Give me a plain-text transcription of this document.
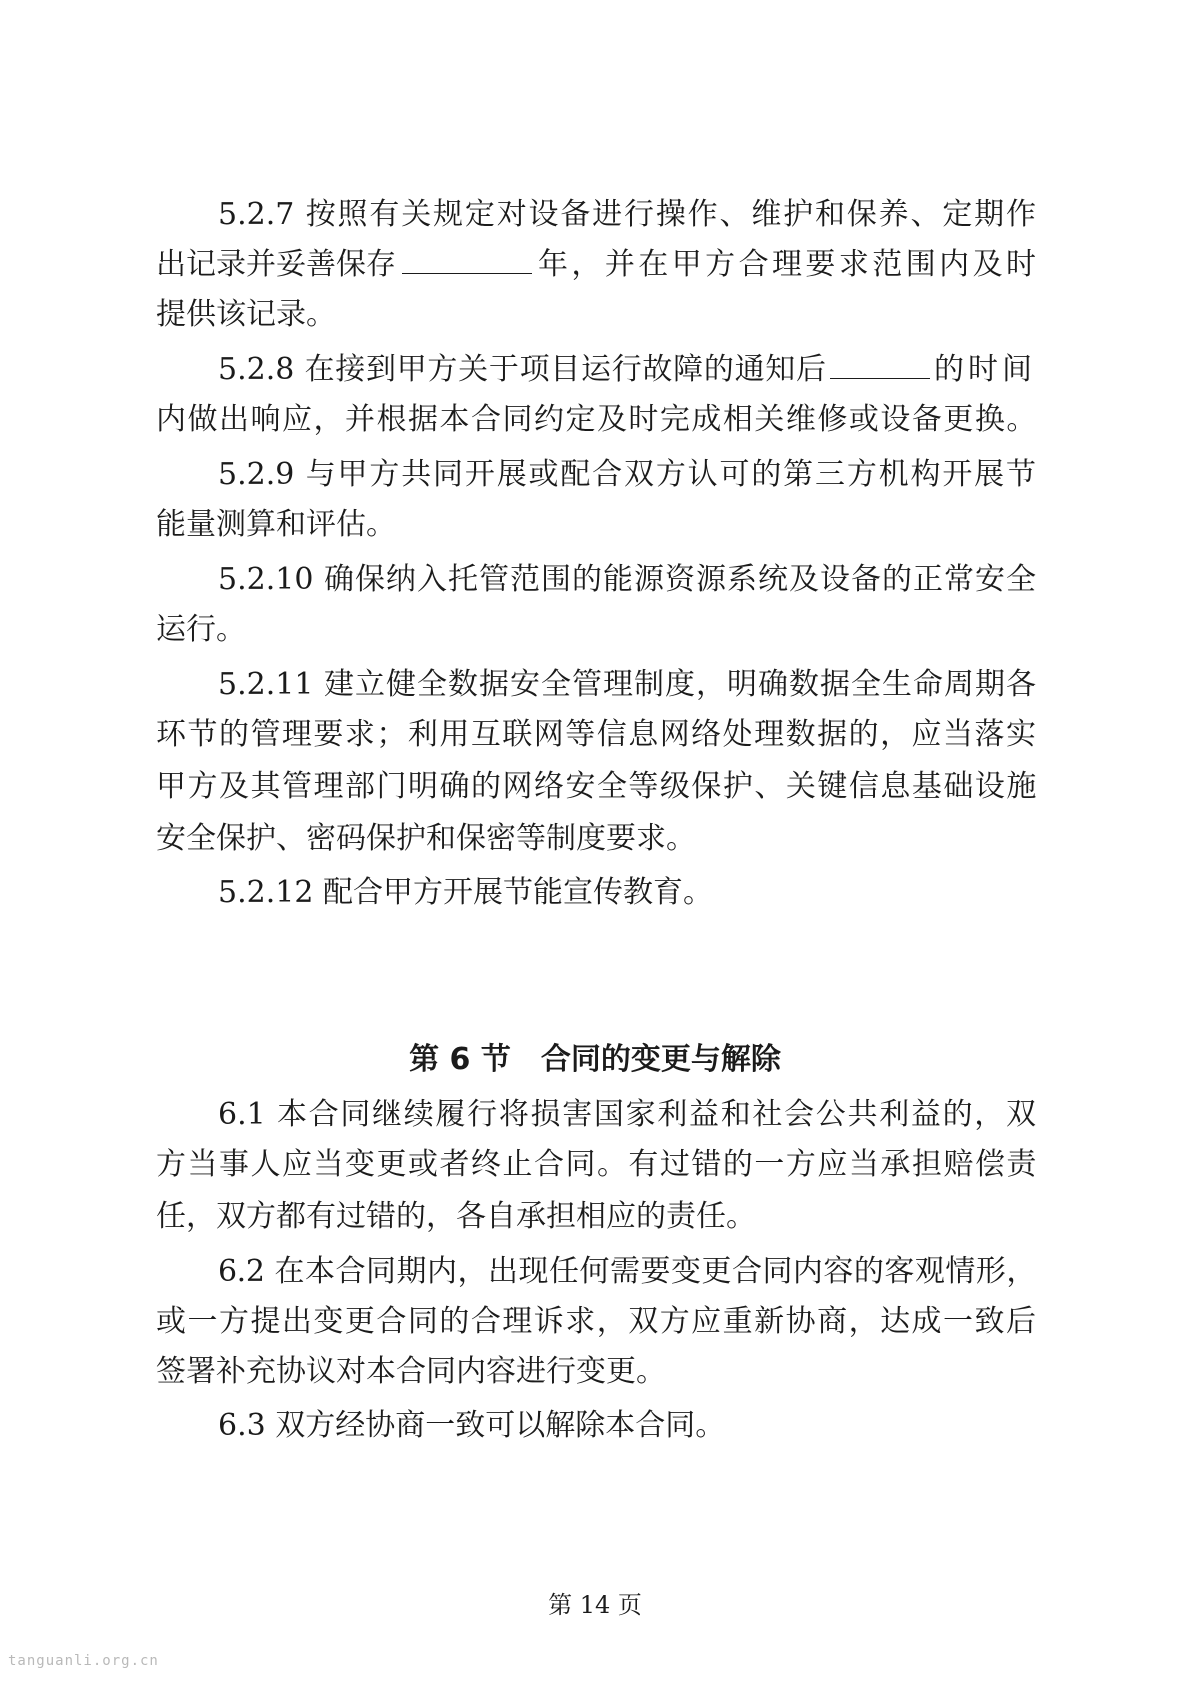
5.2.7 按照有关规定对设备进行操作、维护和保养、定期作
出记录并妥善保存	年，并在甲方合理要求范围内及时
提供该记录。
5.2.8 在接到甲方关于项目运行故障的通知后	的时间
内做出响应，并根据本合同约定及时完成相关维修或设备更换。
5.2.9 与甲方共同开展或配合双方认可的第三方机构开展节
能量测算和评估。
5.2.10 确保纳入托管范围的能源资源系统及设备的正常安全
运行。
5.2.11 建立健全数据安全管理制度，明确数据全生命周期各
环节的管理要求；利用互联网等信息网络处理数据的，应当落实
甲方及其管理部门明确的网络安全等级保护、关键信息基础设施
安全保护、密码保护和保密等制度要求。
5.2.12 配合甲方开展节能宣传教育。
第 6 节 合同的变更与解除
6.1 本合同继续履行将损害国家利益和社会公共利益的，双
方当事人应当变更或者终止合同。有过错的一方应当承担赔偿责
任，双方都有过错的，各自承担相应的责任。
6.2 在本合同期内，出现任何需要变更合同内容的客观情形，
或一方提出变更合同的合理诉求，双方应重新协商，达成一致后
签署补充协议对本合同内容进行变更。
6.3 双方经协商一致可以解除本合同。
第 14 页
tanguanli.org.cn
